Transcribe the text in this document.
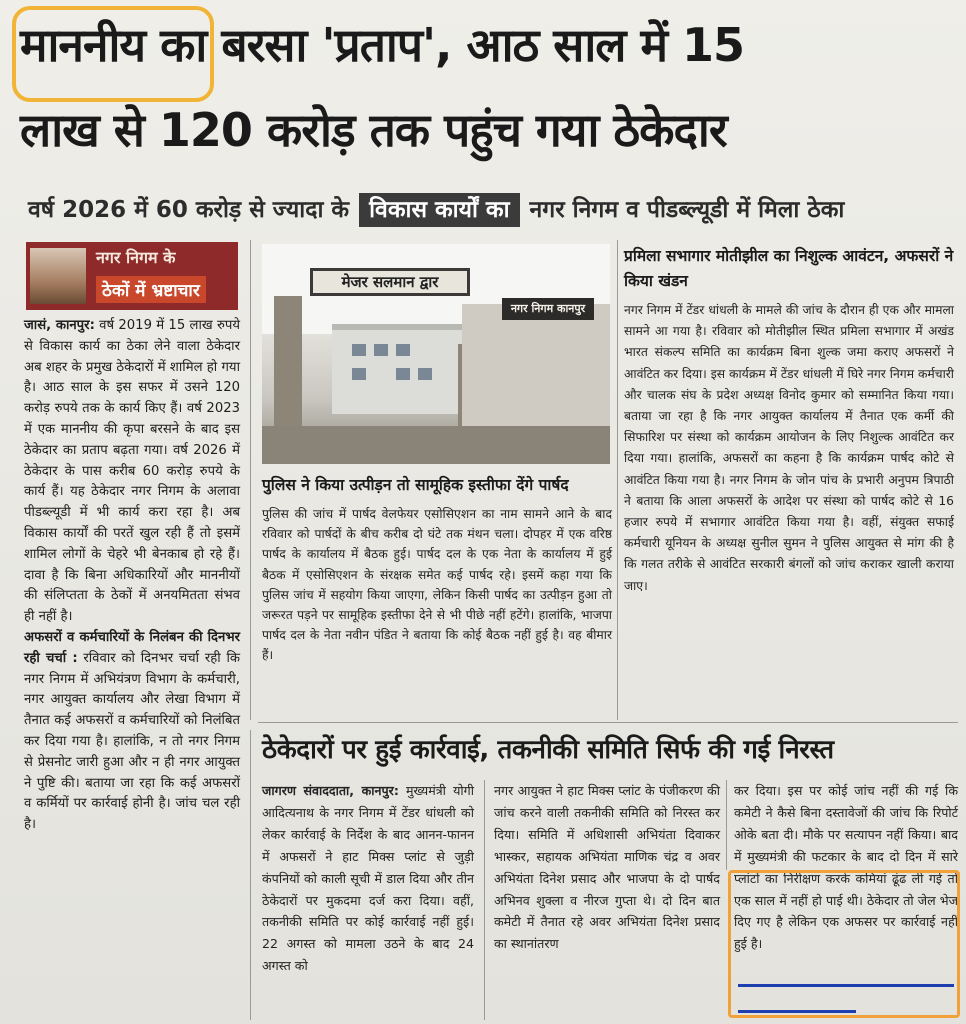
माननीय का बरसा 'प्रताप', आठ साल में 15
लाख से 120 करोड़ तक पहुंच गया ठेकेदार
वर्ष 2026 में 60 करोड़ से ज्यादा के विकास कार्यों का नगर निगम व पीडब्ल्यूडी में मिला ठेका
नगर निगम के
ठेकों में भ्रष्टाचार

जासं, कानपुर: वर्ष 2019 में 15 लाख रुपये से विकास कार्य का ठेका लेने वाला ठेकेदार अब शहर के प्रमुख ठेकेदारों में शामिल हो गया है। आठ साल के इस सफर में उसने 120 करोड़ रुपये तक के कार्य किए हैं। वर्ष 2023 में एक माननीय की कृपा बरसने के बाद इस ठेकेदार का प्रताप बढ़ता गया। वर्ष 2026 में ठेकेदार के पास करीब 60 करोड़ रुपये के कार्य हैं। यह ठेकेदार नगर निगम के अलावा पीडब्ल्यूडी में भी कार्य करा रहा है। अब विकास कार्यों की परतें खुल रही हैं तो इसमें शामिल लोगों के चेहरे भी बेनकाब हो रहे हैं। दावा है कि बिना अधिकारियों और माननीयों की संलिप्तता के ठेकों में अनयमितता संभव ही नहीं है।

अफसरों व कर्मचारियों के निलंबन की दिनभर रही चर्चा : रविवार को दिनभर चर्चा रही कि नगर निगम में अभियंत्रण विभाग के कर्मचारी, नगर आयुक्त कार्यालय और लेखा विभाग में तैनात कई अफसरों व कर्मचारियों को निलंबित कर दिया गया है। हालांकि, न तो नगर निगम से प्रेसनोट जारी हुआ और न ही नगर आयुक्त ने पुष्टि की। बताया जा रहा कि कई अफसरों व कर्मियों पर कार्रवाई होनी है। जांच चल रही है।

नगर निगम कानपुर
मेजर सलमान द्वार
पुलिस ने किया उत्पीड़न तो सामूहिक इस्तीफा देंगे पार्षद
पुलिस की जांच में पार्षद वेलफेयर एसोसिएशन का नाम सामने आने के बाद रविवार को पार्षदों के बीच करीब दो घंटे तक मंथन चला। दोपहर में एक वरिष्ठ पार्षद के कार्यालय में बैठक हुई। पार्षद दल के एक नेता के कार्यालय में हुई बैठक में एसोसिएशन के संरक्षक समेत कई पार्षद रहे। इसमें कहा गया कि पुलिस जांच में सहयोग किया जाएगा, लेकिन किसी पार्षद का उत्पीड़न हुआ तो जरूरत पड़ने पर सामूहिक इस्तीफा देने से भी पीछे नहीं हटेंगे। हालांकि, भाजपा पार्षद दल के नेता नवीन पंडित ने बताया कि कोई बैठक नहीं हुई है। वह बीमार हैं।
प्रमिला सभागार मोतीझील का निशुल्क आवंटन, अफसरों ने किया खंडन
नगर निगम में टेंडर धांधली के मामले की जांच के दौरान ही एक और मामला सामने आ गया है। रविवार को मोतीझील स्थित प्रमिला सभागार में अखंड भारत संकल्प समिति का कार्यक्रम बिना शुल्क जमा कराए अफसरों ने आवंटित कर दिया। इस कार्यक्रम में टेंडर धांधली में घिरे नगर निगम कर्मचारी और चालक संघ के प्रदेश अध्यक्ष विनोद कुमार को सम्मानित किया गया। बताया जा रहा है कि नगर आयुक्त कार्यालय में तैनात एक कर्मी की सिफारिश पर संस्था को कार्यक्रम आयोजन के लिए निशुल्क आवंटित कर दिया गया। हालांकि, अफसरों का कहना है कि कार्यक्रम पार्षद कोटे से आवंटित किया गया है। नगर निगम के जोन पांच के प्रभारी अनुपम त्रिपाठी ने बताया कि आला अफसरों के आदेश पर संस्था को पार्षद कोटे से 16 हजार रुपये में सभागार आवंटित किया गया है। वहीं, संयुक्त सफाई कर्मचारी यूनियन के अध्यक्ष सुनील सुमन ने पुलिस आयुक्त से मांग की है कि गलत तरीके से आवंटित सरकारी बंगलों को जांच कराकर खाली कराया जाए।
ठेकेदारों पर हुई कार्रवाई, तकनीकी समिति सिर्फ की गई निरस्त
जागरण संवाददाता, कानपुर: मुख्यमंत्री योगी आदित्यनाथ के नगर निगम में टेंडर धांधली को लेकर कार्रवाई के निर्देश के बाद आनन-फानन में अफसरों ने हाट मिक्स प्लांट से जुड़ी कंपनियों को काली सूची में डाल दिया और तीन ठेकेदारों पर मुकदमा दर्ज करा दिया। वहीं, तकनीकी समिति पर कोई कार्रवाई नहीं हुई। 22 अगस्त को मामला उठने के बाद 24 अगस्त को
नगर आयुक्त ने हाट मिक्स प्लांट के पंजीकरण की जांच करने वाली तकनीकी समिति को निरस्त कर दिया। समिति में अधिशासी अभियंता दिवाकर भास्कर, सहायक अभियंता माणिक चंद्र व अवर अभियंता दिनेश प्रसाद और भाजपा के दो पार्षद अभिनव शुक्ला व नीरज गुप्ता थे। दो दिन बात कमेटी में तैनात रहे अवर अभियंता दिनेश प्रसाद का स्थानांतरण
कर दिया। इस पर कोई जांच नहीं की गई कि कमेटी ने कैसे बिना दस्तावेजों की जांच कि रिपोर्ट ओके बता दी। मौके पर सत्यापन नहीं किया। बाद में मुख्यमंत्री की फटकार के बाद दो दिन में सारे प्लांटों का निरीक्षण करके कमियां ढूंढ ली गई तो एक साल में नहीं हो पाई थी। ठेकेदार तो जेल भेज दिए गए है लेकिन एक अफसर पर कार्रवाई नहीं हुई है।
